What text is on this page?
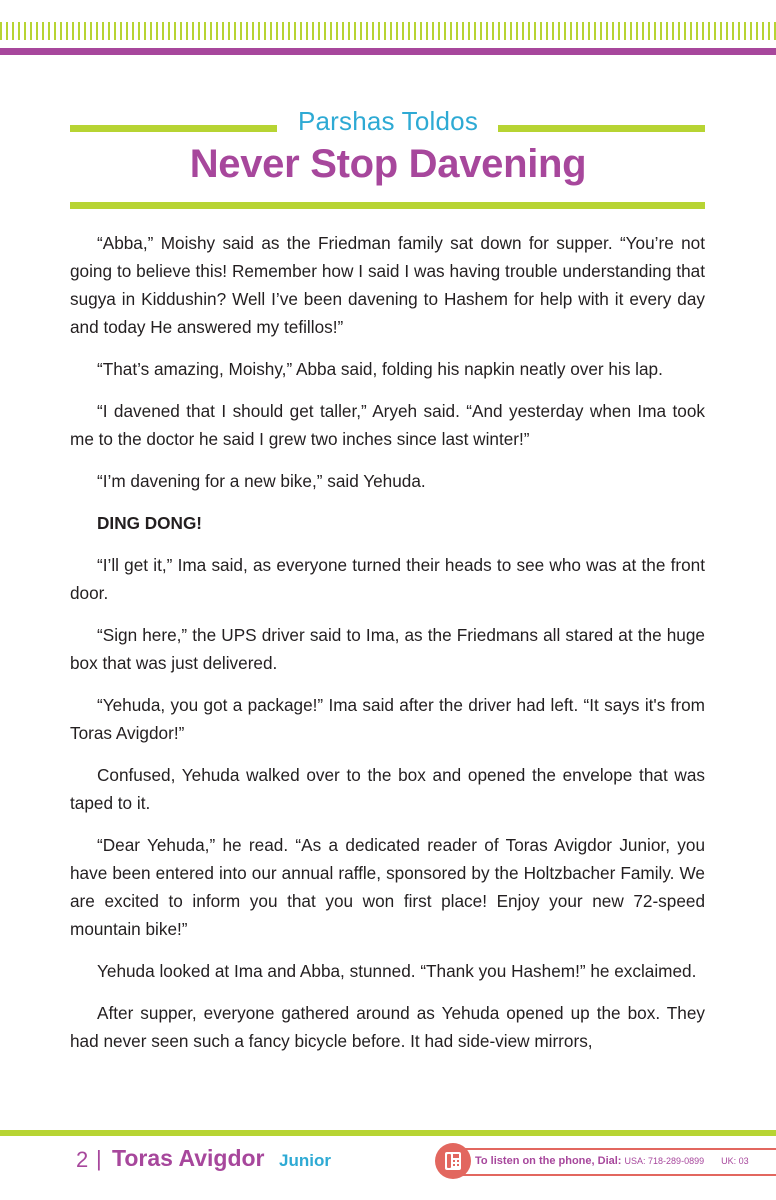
Parshas Toldos
Never Stop Davening

“Abba,” Moishy said as the Friedman family sat down for supper. “You’re not going to believe this! Remember how I said I was having trouble understanding that sugya in Kiddushin? Well I’ve been davening to Hashem for help with it every day and today He answered my tefillos!”

“That’s amazing, Moishy,” Abba said, folding his napkin neatly over his lap.

“I davened that I should get taller,” Aryeh said. “And yesterday when Ima took me to the doctor he said I grew two inches since last winter!”

“I’m davening for a new bike,” said Yehuda.

DING DONG!

“I’ll get it,” Ima said, as everyone turned their heads to see who was at the front door.

“Sign here,” the UPS driver said to Ima, as the Friedmans all stared at the huge box that was just delivered.

“Yehuda, you got a package!” Ima said after the driver had left. “It says it's from Toras Avigdor!”

Confused, Yehuda walked over to the box and opened the envelope that was taped to it.

“Dear Yehuda,” he read. “As a dedicated reader of Toras Avigdor Junior, you have been entered into our annual raffle, sponsored by the Holtzbacher Family. We are excited to inform you that you won first place! Enjoy your new 72-speed mountain bike!”

Yehuda looked at Ima and Abba, stunned. “Thank you Hashem!” he exclaimed.

After supper, everyone gathered around as Yehuda opened up the box. They had never seen such a fancy bicycle before. It had side-view mirrors,

2 | Toras Avigdor Junior	To listen on the phone, Dial: USA: 718-289-0899 UK: 03
